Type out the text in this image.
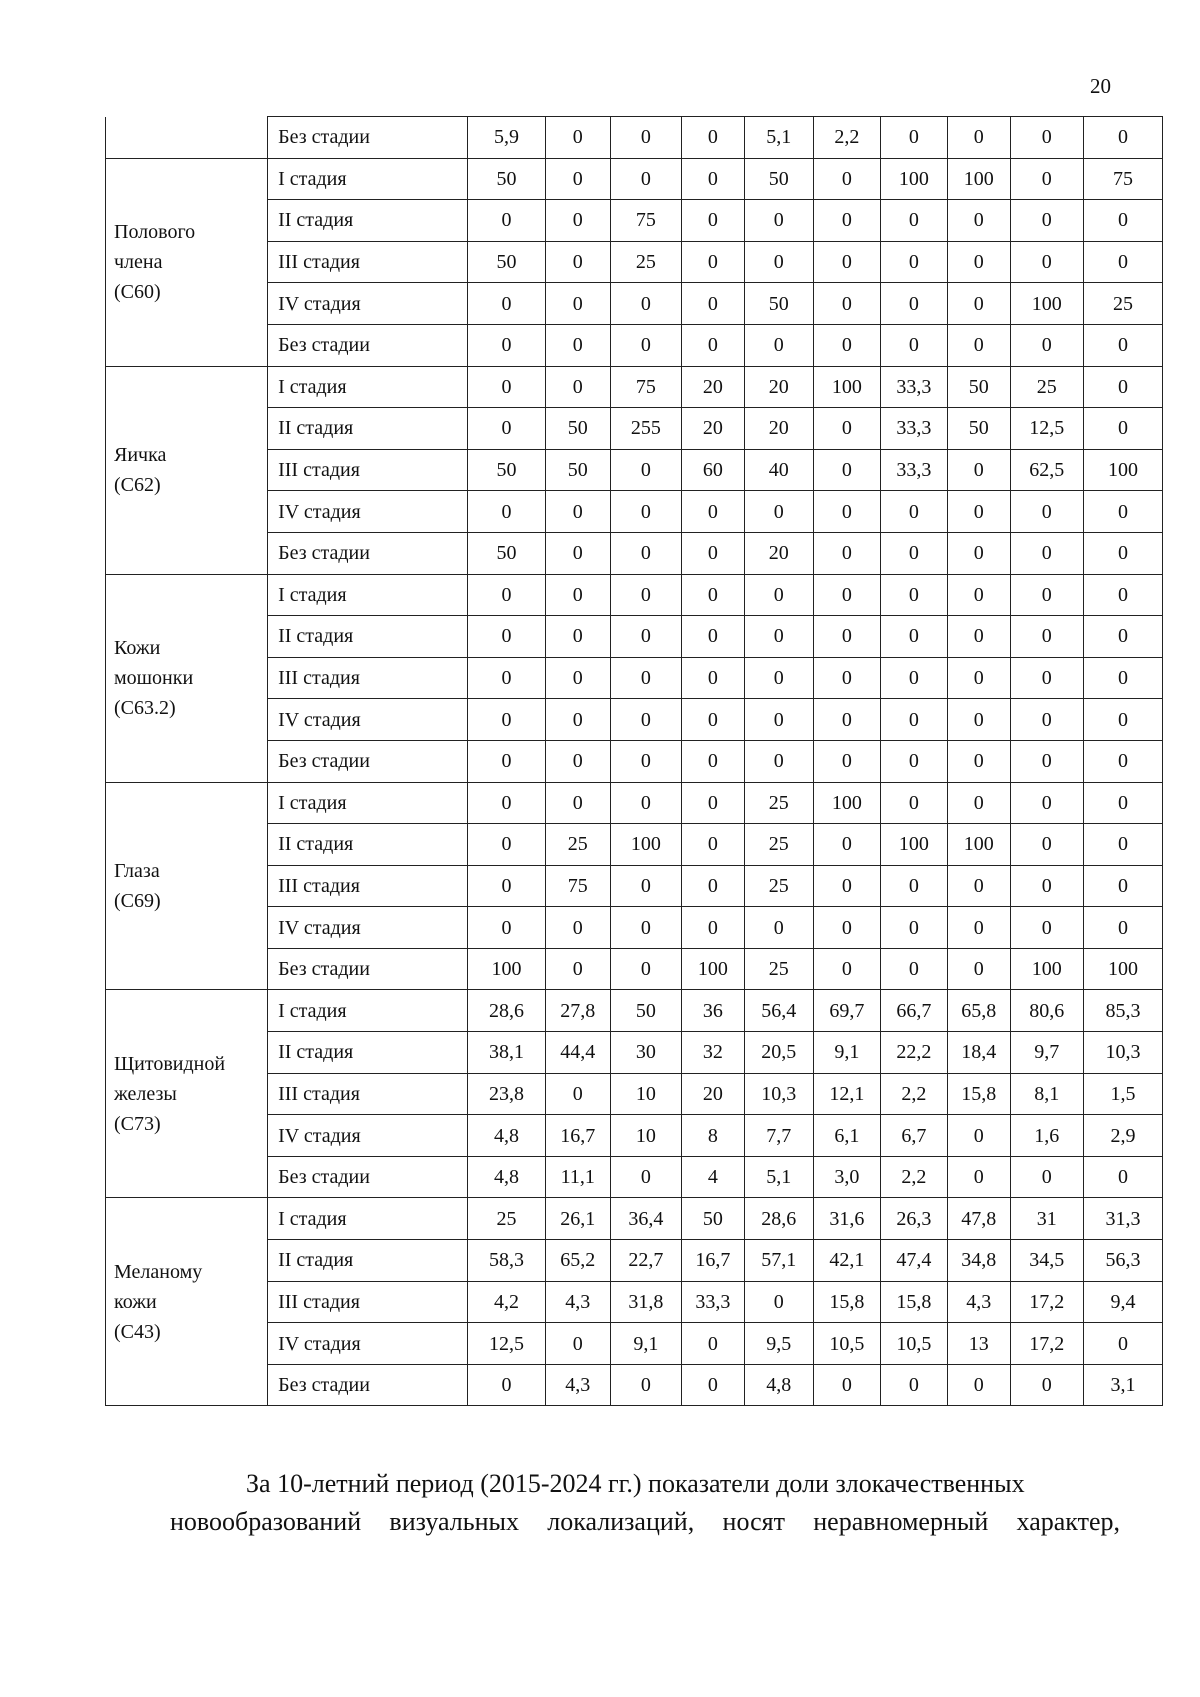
20
	Без стадии	5,9	0	0	0	5,1	2,2	0	0	0	0

Полового
члена
(С60)	I стадия	50	0	0	0	50	0	100	100	0	75
	II стадия	0	0	75	0	0	0	0	0	0	0
	III стадия	50	0	25	0	0	0	0	0	0	0
	IV стадия	0	0	0	0	50	0	0	0	100	25
	Без стадии	0	0	0	0	0	0	0	0	0	0

Яичка
(С62)	I стадия	0	0	75	20	20	100	33,3	50	25	0
	II стадия	0	50	255	20	20	0	33,3	50	12,5	0
	III стадия	50	50	0	60	40	0	33,3	0	62,5	100
	IV стадия	0	0	0	0	0	0	0	0	0	0
	Без стадии	50	0	0	0	20	0	0	0	0	0

Кожи
мошонки
(С63.2)	I стадия	0	0	0	0	0	0	0	0	0	0
	II стадия	0	0	0	0	0	0	0	0	0	0
	III стадия	0	0	0	0	0	0	0	0	0	0
	IV стадия	0	0	0	0	0	0	0	0	0	0
	Без стадии	0	0	0	0	0	0	0	0	0	0

Глаза
(С69)	I стадия	0	0	0	0	25	100	0	0	0	0
	II стадия	0	25	100	0	25	0	100	100	0	0
	III стадия	0	75	0	0	25	0	0	0	0	0
	IV стадия	0	0	0	0	0	0	0	0	0	0
	Без стадии	100	0	0	100	25	0	0	0	100	100

Щитовидной
железы
(С73)	I стадия	28,6	27,8	50	36	56,4	69,7	66,7	65,8	80,6	85,3
	II стадия	38,1	44,4	30	32	20,5	9,1	22,2	18,4	9,7	10,3
	III стадия	23,8	0	10	20	10,3	12,1	2,2	15,8	8,1	1,5
	IV стадия	4,8	16,7	10	8	7,7	6,1	6,7	0	1,6	2,9
	Без стадии	4,8	11,1	0	4	5,1	3,0	2,2	0	0	0

Меланому
кожи
(С43)	I стадия	25	26,1	36,4	50	28,6	31,6	26,3	47,8	31	31,3
	II стадия	58,3	65,2	22,7	16,7	57,1	42,1	47,4	34,8	34,5	56,3
	III стадия	4,2	4,3	31,8	33,3	0	15,8	15,8	4,3	17,2	9,4
	IV стадия	12,5	0	9,1	0	9,5	10,5	10,5	13	17,2	0
	Без стадии	0	4,3	0	0	4,8	0	0	0	0	3,1

За 10-летний период (2015-2024 гг.) показатели доли злокачественных
новообразований визуальных локализаций, носят неравномерный характер,
